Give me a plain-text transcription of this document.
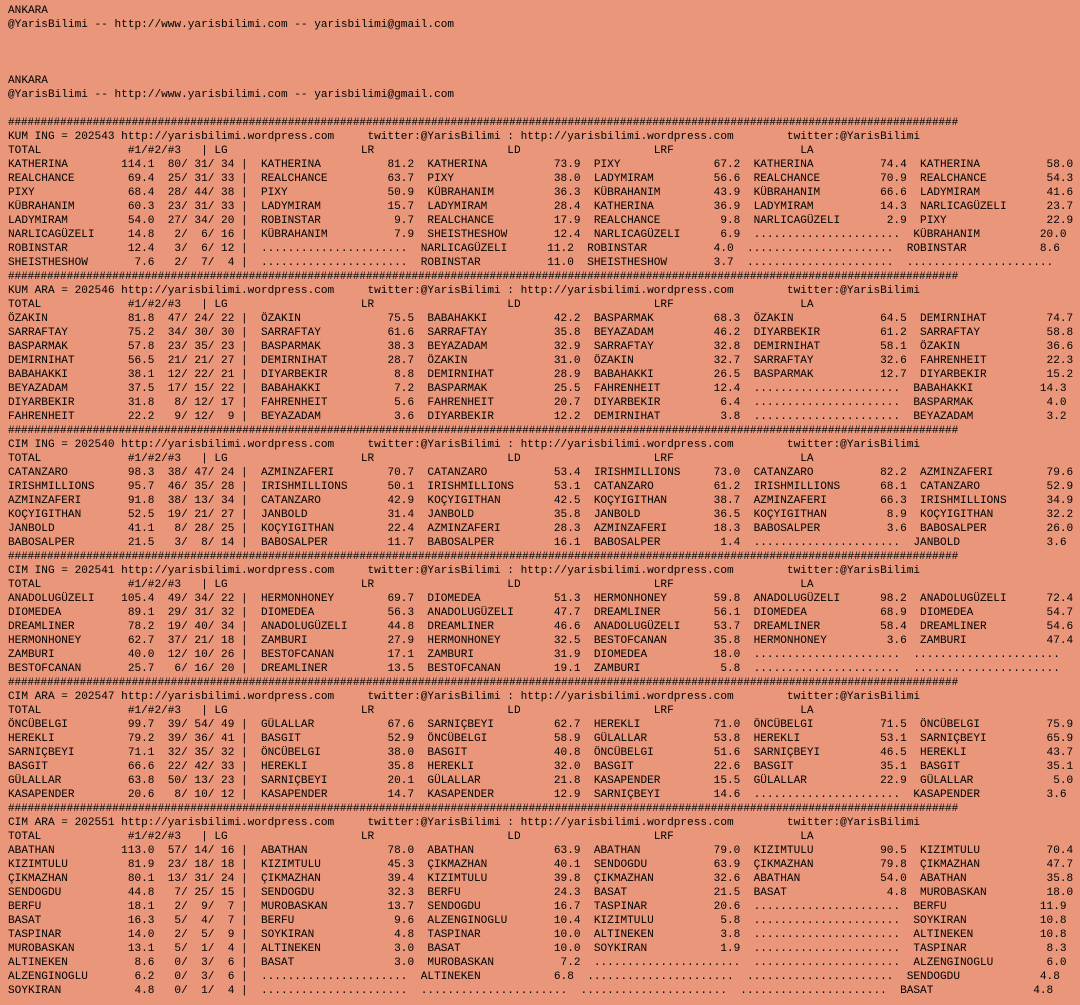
ANKARA
@YarisBilimi -- http://www.yarisbilimi.com -- yarisbilimi@gmail.com
ANKARA
@YarisBilimi -- http://www.yarisbilimi.com -- yarisbilimi@gmail.com
##################################################################################################################################################
KUM ING = 202543 http://yarisbilimi.wordpress.com     twitter:@YarisBilimi : http://yarisbilimi.wordpress.com        twitter:@YarisBilimi
TOTAL             #1/#2/#3   | LG                    LR                    LD                    LRF                   LA
KATHERINA        114.1  80/ 31/ 34 |  KATHERINA          81.2  KATHERINA          73.9  PIXY              67.2  KATHERINA          74.4  KATHERINA          58.0
REALCHANCE        69.4  25/ 31/ 33 |  REALCHANCE         63.7  PIXY               38.0  LADYMIRAM         56.6  REALCHANCE         70.9  REALCHANCE         54.3
PIXY              68.4  28/ 44/ 38 |  PIXY               50.9  KÜBRAHANIM         36.3  KÜBRAHANIM        43.9  KÜBRAHANIM         66.6  LADYMIRAM          41.6
KÜBRAHANIM        60.3  23/ 31/ 33 |  LADYMIRAM          15.7  LADYMIRAM          28.4  KATHERINA         36.9  LADYMIRAM          14.3  NARLICAGÜZELI      23.7
LADYMIRAM         54.0  27/ 34/ 20 |  ROBINSTAR           9.7  REALCHANCE         17.9  REALCHANCE         9.8  NARLICAGÜZELI       2.9  PIXY               22.9
NARLICAGÜZELI     14.8   2/  6/ 16 |  KÜBRAHANIM          7.9  SHEISTHESHOW       12.4  NARLICAGÜZELI      6.9  ......................  KÜBRAHANIM         20.0
ROBINSTAR         12.4   3/  6/ 12 |  ......................  NARLICAGÜZELI      11.2  ROBINSTAR          4.0  ......................  ROBINSTAR           8.6
SHEISTHESHOW       7.6   2/  7/  4 |  ......................  ROBINSTAR          11.0  SHEISTHESHOW       3.7  ......................  ......................
##################################################################################################################################################
KUM ARA = 202546 http://yarisbilimi.wordpress.com     twitter:@YarisBilimi : http://yarisbilimi.wordpress.com        twitter:@YarisBilimi
TOTAL             #1/#2/#3   | LG                    LR                    LD                    LRF                   LA
ÖZAKIN            81.8  47/ 24/ 22 |  ÖZAKIN             75.5  BABAHAKKI          42.2  BASPARMAK         68.3  ÖZAKIN             64.5  DEMIRNIHAT         74.7
SARRAFTAY         75.2  34/ 30/ 30 |  SARRAFTAY          61.6  SARRAFTAY          35.8  BEYAZADAM         46.2  DIYARBEKIR         61.2  SARRAFTAY          58.8
BASPARMAK         57.8  23/ 35/ 23 |  BASPARMAK          38.3  BEYAZADAM          32.9  SARRAFTAY         32.8  DEMIRNIHAT         58.1  ÖZAKIN             36.6
DEMIRNIHAT        56.5  21/ 21/ 27 |  DEMIRNIHAT         28.7  ÖZAKIN             31.0  ÖZAKIN            32.7  SARRAFTAY          32.6  FAHRENHEIT         22.3
BABAHAKKI         38.1  12/ 22/ 21 |  DIYARBEKIR          8.8  DEMIRNIHAT         28.9  BABAHAKKI         26.5  BASPARMAK          12.7  DIYARBEKIR         15.2
BEYAZADAM         37.5  17/ 15/ 22 |  BABAHAKKI           7.2  BASPARMAK          25.5  FAHRENHEIT        12.4  ......................  BABAHAKKI          14.3
DIYARBEKIR        31.8   8/ 12/ 17 |  FAHRENHEIT          5.6  FAHRENHEIT         20.7  DIYARBEKIR         6.4  ......................  BASPARMAK           4.0
FAHRENHEIT        22.2   9/ 12/  9 |  BEYAZADAM           3.6  DIYARBEKIR         12.2  DEMIRNIHAT         3.8  ......................  BEYAZADAM           3.2
##################################################################################################################################################
CIM ING = 202540 http://yarisbilimi.wordpress.com     twitter:@YarisBilimi : http://yarisbilimi.wordpress.com        twitter:@YarisBilimi
TOTAL             #1/#2/#3   | LG                    LR                    LD                    LRF                   LA
CATANZARO         98.3  38/ 47/ 24 |  AZMINZAFERI        70.7  CATANZARO          53.4  IRISHMILLIONS     73.0  CATANZARO          82.2  AZMINZAFERI        79.6
IRISHMILLIONS     95.7  46/ 35/ 28 |  IRISHMILLIONS      50.1  IRISHMILLIONS      53.1  CATANZARO         61.2  IRISHMILLIONS      68.1  CATANZARO          52.9
AZMINZAFERI       91.8  38/ 13/ 34 |  CATANZARO          42.9  KOÇYIGITHAN        42.5  KOÇYIGITHAN       38.7  AZMINZAFERI        66.3  IRISHMILLIONS      34.9
KOÇYIGITHAN       52.5  19/ 21/ 27 |  JANBOLD            31.4  JANBOLD            35.8  JANBOLD           36.5  KOÇYIGITHAN         8.9  KOÇYIGITHAN        32.2
JANBOLD           41.1   8/ 28/ 25 |  KOÇYIGITHAN        22.4  AZMINZAFERI        28.3  AZMINZAFERI       18.3  BABOSALPER          3.6  BABOSALPER         26.0
BABOSALPER        21.5   3/  8/ 14 |  BABOSALPER         11.7  BABOSALPER         16.1  BABOSALPER         1.4  ......................  JANBOLD             3.6
##################################################################################################################################################
CIM ING = 202541 http://yarisbilimi.wordpress.com     twitter:@YarisBilimi : http://yarisbilimi.wordpress.com        twitter:@YarisBilimi
TOTAL             #1/#2/#3   | LG                    LR                    LD                    LRF                   LA
ANADOLUGÜZELI    105.4  49/ 34/ 22 |  HERMONHONEY        69.7  DIOMEDEA           51.3  HERMONHONEY       59.8  ANADOLUGÜZELI      98.2  ANADOLUGÜZELI      72.4
DIOMEDEA          89.1  29/ 31/ 32 |  DIOMEDEA           56.3  ANADOLUGÜZELI      47.7  DREAMLINER        56.1  DIOMEDEA           68.9  DIOMEDEA           54.7
DREAMLINER        78.2  19/ 40/ 34 |  ANADOLUGÜZELI      44.8  DREAMLINER         46.6  ANADOLUGÜZELI     53.7  DREAMLINER         58.4  DREAMLINER         54.6
HERMONHONEY       62.7  37/ 21/ 18 |  ZAMBURI            27.9  HERMONHONEY        32.5  BESTOFCANAN       35.8  HERMONHONEY         3.6  ZAMBURI            47.4
ZAMBURI           40.0  12/ 10/ 26 |  BESTOFCANAN        17.1  ZAMBURI            31.9  DIOMEDEA          18.0  ......................  ......................
BESTOFCANAN       25.7   6/ 16/ 20 |  DREAMLINER         13.5  BESTOFCANAN        19.1  ZAMBURI            5.8  ......................  ......................
##################################################################################################################################################
CIM ARA = 202547 http://yarisbilimi.wordpress.com     twitter:@YarisBilimi : http://yarisbilimi.wordpress.com        twitter:@YarisBilimi
TOTAL             #1/#2/#3   | LG                    LR                    LD                    LRF                   LA
ÖNCÜBELGI         99.7  39/ 54/ 49 |  GÜLALLAR           67.6  SARNIÇBEYI         62.7  HEREKLI           71.0  ÖNCÜBELGI          71.5  ÖNCÜBELGI          75.9
HEREKLI           79.2  39/ 36/ 41 |  BASGIT             52.9  ÖNCÜBELGI          58.9  GÜLALLAR          53.8  HEREKLI            53.1  SARNIÇBEYI         65.9
SARNIÇBEYI        71.1  32/ 35/ 32 |  ÖNCÜBELGI          38.0  BASGIT             40.8  ÖNCÜBELGI         51.6  SARNIÇBEYI         46.5  HEREKLI            43.7
BASGIT            66.6  22/ 42/ 33 |  HEREKLI            35.8  HEREKLI            32.0  BASGIT            22.6  BASGIT             35.1  BASGIT             35.1
GÜLALLAR          63.8  50/ 13/ 23 |  SARNIÇBEYI         20.1  GÜLALLAR           21.8  KASAPENDER        15.5  GÜLALLAR           22.9  GÜLALLAR            5.0
KASAPENDER        20.6   8/ 10/ 12 |  KASAPENDER         14.7  KASAPENDER         12.9  SARNIÇBEYI        14.6  ......................  KASAPENDER          3.6
##################################################################################################################################################
CIM ARA = 202551 http://yarisbilimi.wordpress.com     twitter:@YarisBilimi : http://yarisbilimi.wordpress.com        twitter:@YarisBilimi
TOTAL             #1/#2/#3   | LG                    LR                    LD                    LRF                   LA
ABATHAN          113.0  57/ 14/ 16 |  ABATHAN            78.0  ABATHAN            63.9  ABATHAN           79.0  KIZIMTULU          90.5  KIZIMTULU          70.4
KIZIMTULU         81.9  23/ 18/ 18 |  KIZIMTULU          45.3  ÇIKMAZHAN          40.1  SENDOGDU          63.9  ÇIKMAZHAN          79.8  ÇIKMAZHAN          47.7
ÇIKMAZHAN         80.1  13/ 31/ 24 |  ÇIKMAZHAN          39.4  KIZIMTULU          39.8  ÇIKMAZHAN         32.6  ABATHAN            54.0  ABATHAN            35.8
SENDOGDU          44.8   7/ 25/ 15 |  SENDOGDU           32.3  BERFU              24.3  BASAT             21.5  BASAT               4.8  MUROBASKAN         18.0
BERFU             18.1   2/  9/  7 |  MUROBASKAN         13.7  SENDOGDU           16.7  TASPINAR          20.6  ......................  BERFU              11.9
BASAT             16.3   5/  4/  7 |  BERFU               9.6  ALZENGINOGLU       10.4  KIZIMTULU          5.8  ......................  SOYKIRAN           10.8
TASPINAR          14.0   2/  5/  9 |  SOYKIRAN            4.8  TASPINAR           10.0  ALTINEKEN          3.8  ......................  ALTINEKEN          10.8
MUROBASKAN        13.1   5/  1/  4 |  ALTINEKEN           3.0  BASAT              10.0  SOYKIRAN           1.9  ......................  TASPINAR            8.3
ALTINEKEN          8.6   0/  3/  6 |  BASAT               3.0  MUROBASKAN          7.2  ......................  ......................  ALZENGINOGLU        6.0
ALZENGINOGLU       6.2   0/  3/  6 |  ......................  ALTINEKEN           6.8  ......................  ......................  SENDOGDU            4.8
SOYKIRAN           4.8   0/  1/  4 |  ......................  ......................  ......................  ......................  BASAT               4.8
